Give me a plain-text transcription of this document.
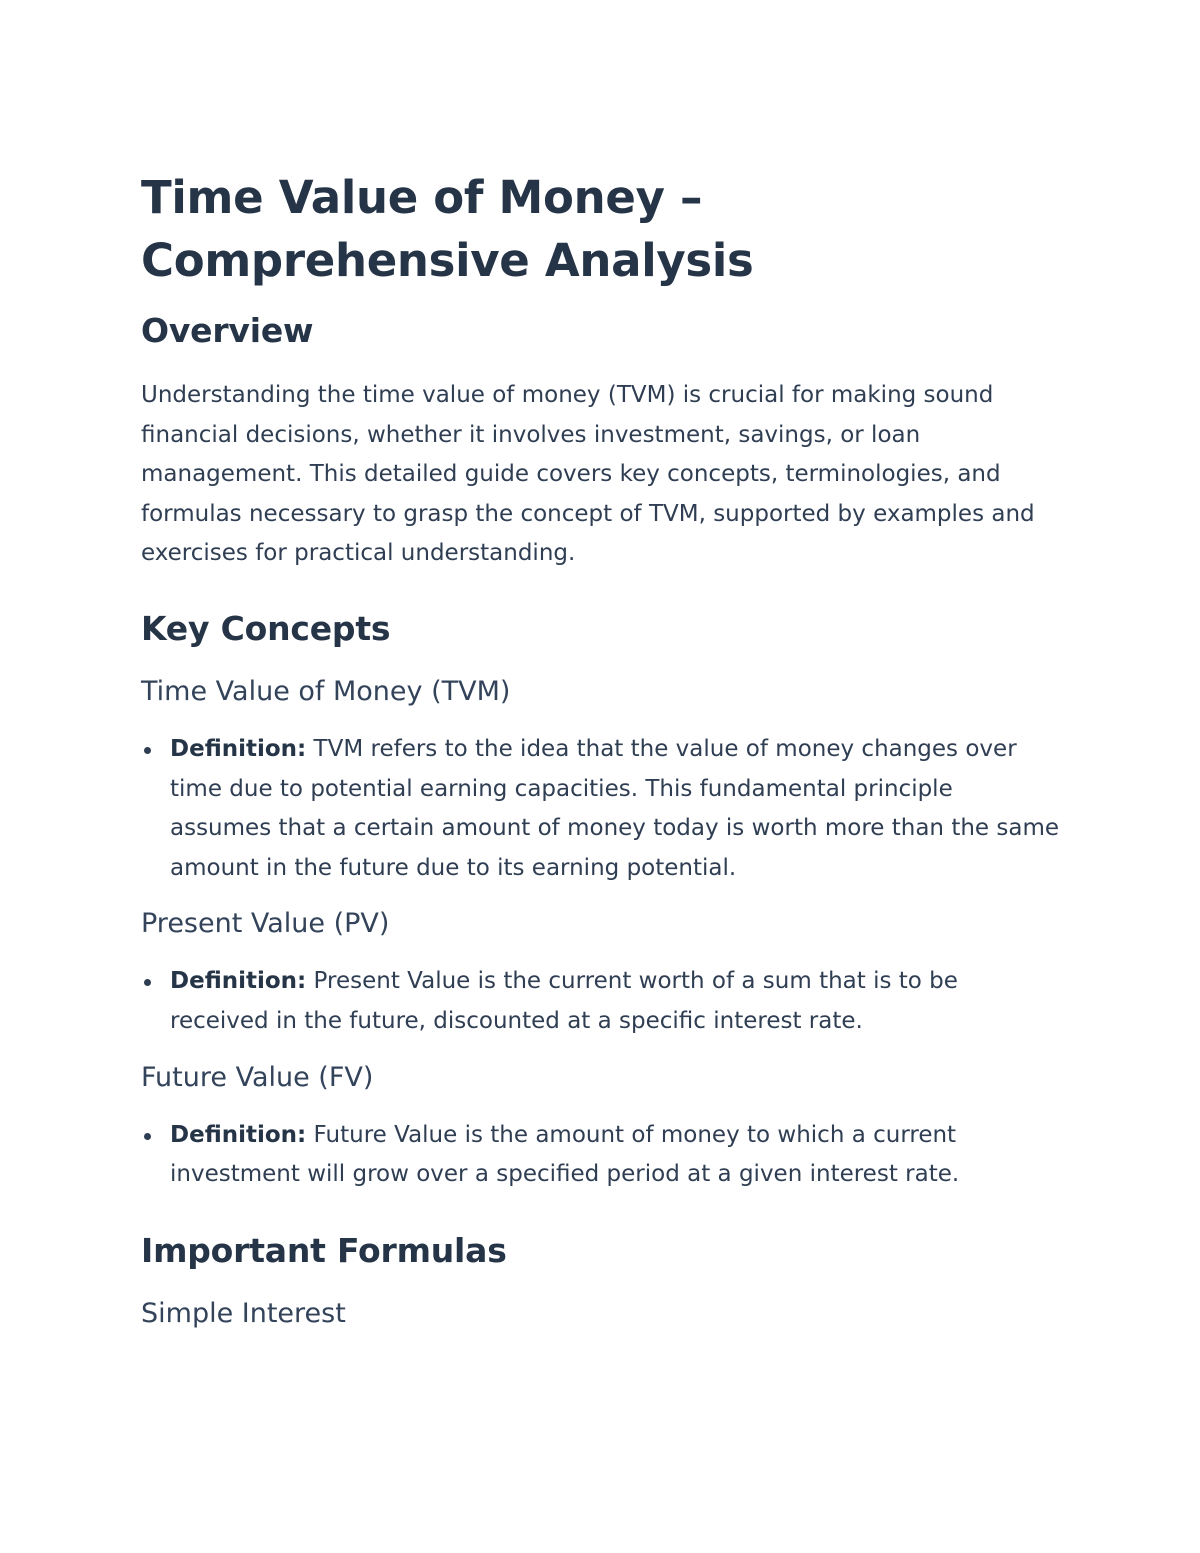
Time Value of Money – Comprehensive Analysis
Overview

Understanding the time value of money (TVM) is crucial for making sound financial decisions, whether it involves investment, savings, or loan management. This detailed guide covers key concepts, terminologies, and formulas necessary to grasp the concept of TVM, supported by examples and exercises for practical understanding.

Key Concepts
Time Value of Money (TVM)
Definition: TVM refers to the idea that the value of money changes over time due to potential earning capacities. This fundamental principle assumes that a certain amount of money today is worth more than the same amount in the future due to its earning potential.
Present Value (PV)
Definition: Present Value is the current worth of a sum that is to be received in the future, discounted at a specific interest rate.
Future Value (FV)
Definition: Future Value is the amount of money to which a current investment will grow over a specified period at a given interest rate.
Important Formulas
Simple Interest
